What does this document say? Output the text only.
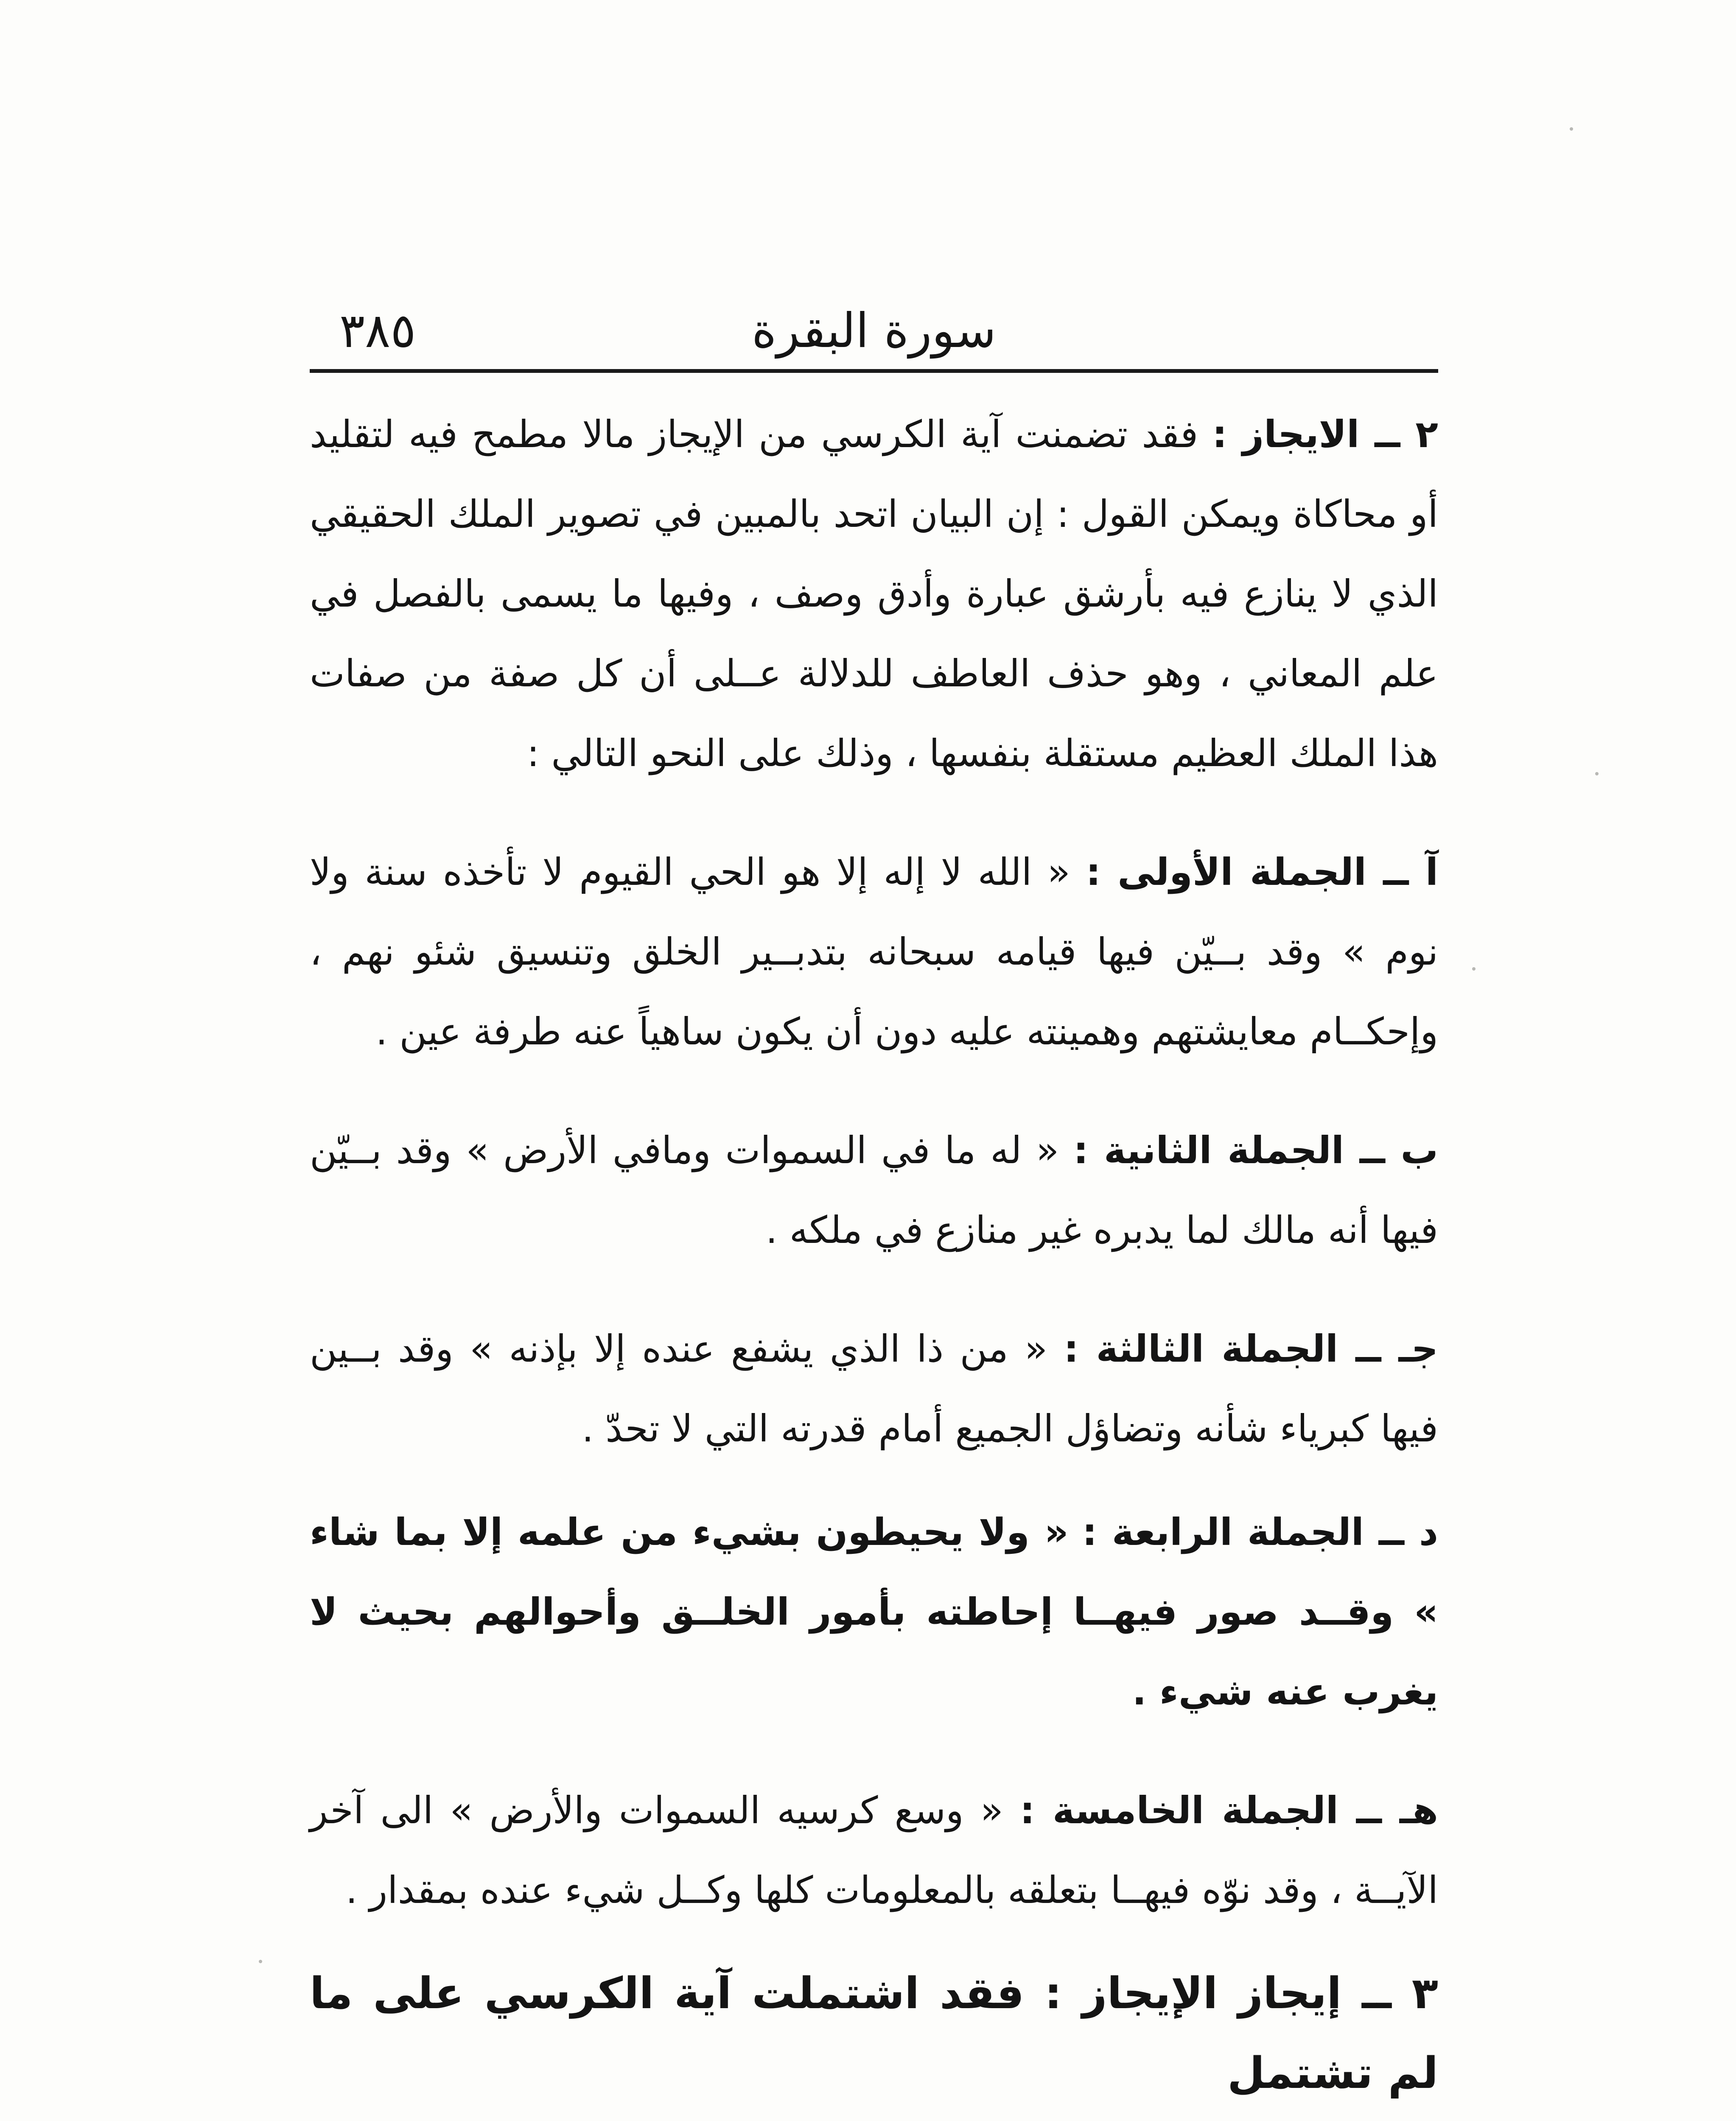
سورة البقرة
٣٨٥

٢ ــ الايجاز : فقد تضمنت آية الكرسي من الإيجاز مالا مطمح فيه لتقليد أو محاكاة ويمكن القول : إن البيان اتحد بالمبين في تصوير الملك الحقيقي الذي لا ينازع فيه بأرشق عبارة وأدق وصف ، وفيها ما يسمى بالفصل في علم المعاني ، وهو حذف العاطف للدلالة عــلى أن كل صفة من صفات هذا الملك العظيم مستقلة بنفسها ، وذلك على النحو التالي :

آ ــ الجملة الأولى : « الله لا إله إلا هو الحي القيوم لا تأخذه سنة ولا نوم » وقد بــيّن فيها قيامه سبحانه بتدبــير الخلق وتنسيق شئو نهم ، وإحكــام معايشتهم وهمينته عليه دون أن يكون ساهياً عنه طرفة عين .

ب ــ الجملة الثانية : « له ما في السموات ومافي الأرض » وقد بــيّن فيها أنه مالك لما يدبره غير منازع في ملكه .

جـ ــ الجملة الثالثة : « من ذا الذي يشفع عنده إلا بإذنه » وقد بــين فيها كبرياء شأنه وتضاؤل الجميع أمام قدرته التي لا تحدّ .

د ــ الجملة الرابعة : « ولا يحيطون بشيء من علمه إلا بما شاء » وقــد صور فيهــا إحاطته بأمور الخلــق وأحوالهم بحيث لا يغرب عنه شيء .

هـ ــ الجملة الخامسة : « وسع كرسيه السموات والأرض » الى آخر الآيــة ، وقد نوّه فيهــا بتعلقه بالمعلومات كلها وكــل شيء عنده بمقدار .

٣ ــ إيجاز الإيجاز : فقد اشتملت آية الكرسي على ما لم تشتمل
